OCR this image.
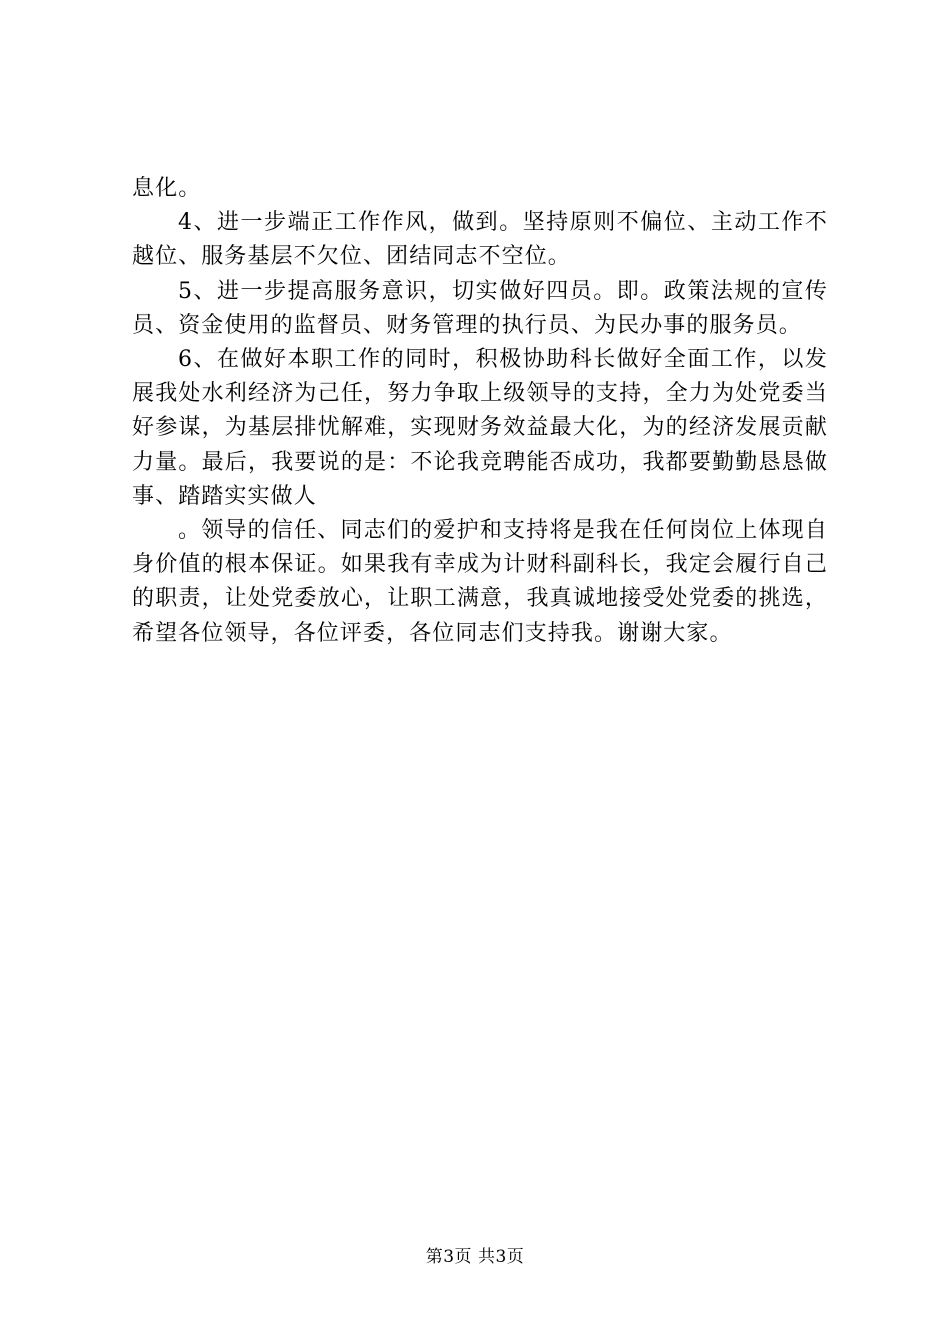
息化。

4、进一步端正工作作风，做到。坚持原则不偏位、主动工作不越位、服务基层不欠位、团结同志不空位。

5、进一步提高服务意识，切实做好四员。即。政策法规的宣传员、资金使用的监督员、财务管理的执行员、为民办事的服务员。

6、在做好本职工作的同时，积极协助科长做好全面工作，以发展我处水利经济为己任，努力争取上级领导的支持，全力为处党委当好参谋，为基层排忧解难，实现财务效益最大化，为的经济发展贡献力量。最后，我要说的是：不论我竞聘能否成功，我都要勤勤恳恳做事、踏踏实实做人

。领导的信任、同志们的爱护和支持将是我在任何岗位上体现自身价值的根本保证。如果我有幸成为计财科副科长，我定会履行自己的职责，让处党委放心，让职工满意，我真诚地接受处党委的挑选，希望各位领导，各位评委，各位同志们支持我。谢谢大家。

第3页 共3页
